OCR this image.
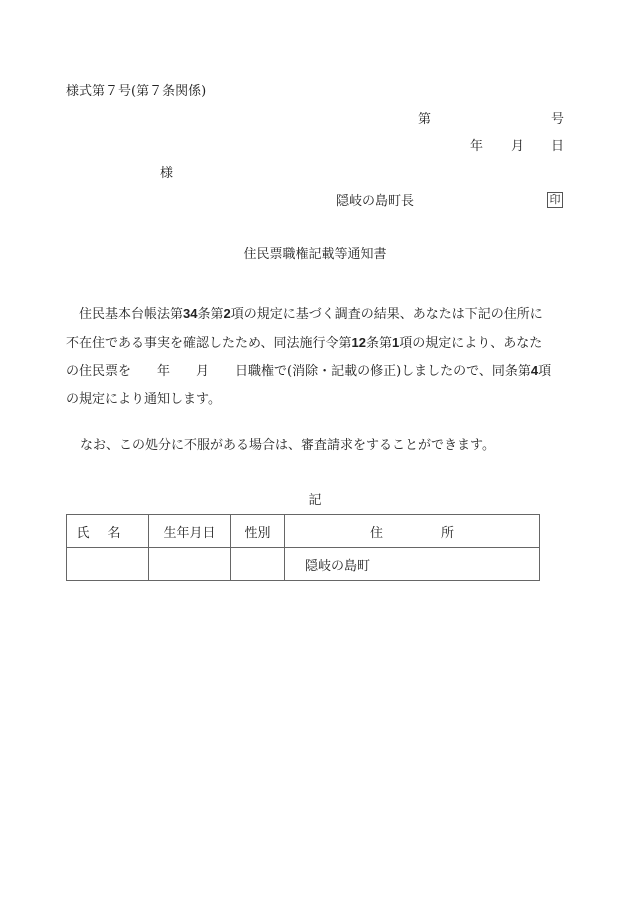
様式第７号(第７条関係)
第	号
年 月 日
様
隠岐の島町長	印
住民票職権記載等通知書
　住民基本台帳法第34条第2項の規定に基づく調査の結果、あなたは下記の住所に
不在住である事実を確認したため、同法施行令第12条第1項の規定により、あなた
の住民票を　　年　　月　　日職権で(消除・記載の修正)しましたので、同条第4項
の規定により通知します。
なお、この処分に不服がある場合は、審査請求をすることができます。
記
氏名	生年月日	性別	住所
			隠岐の島町
